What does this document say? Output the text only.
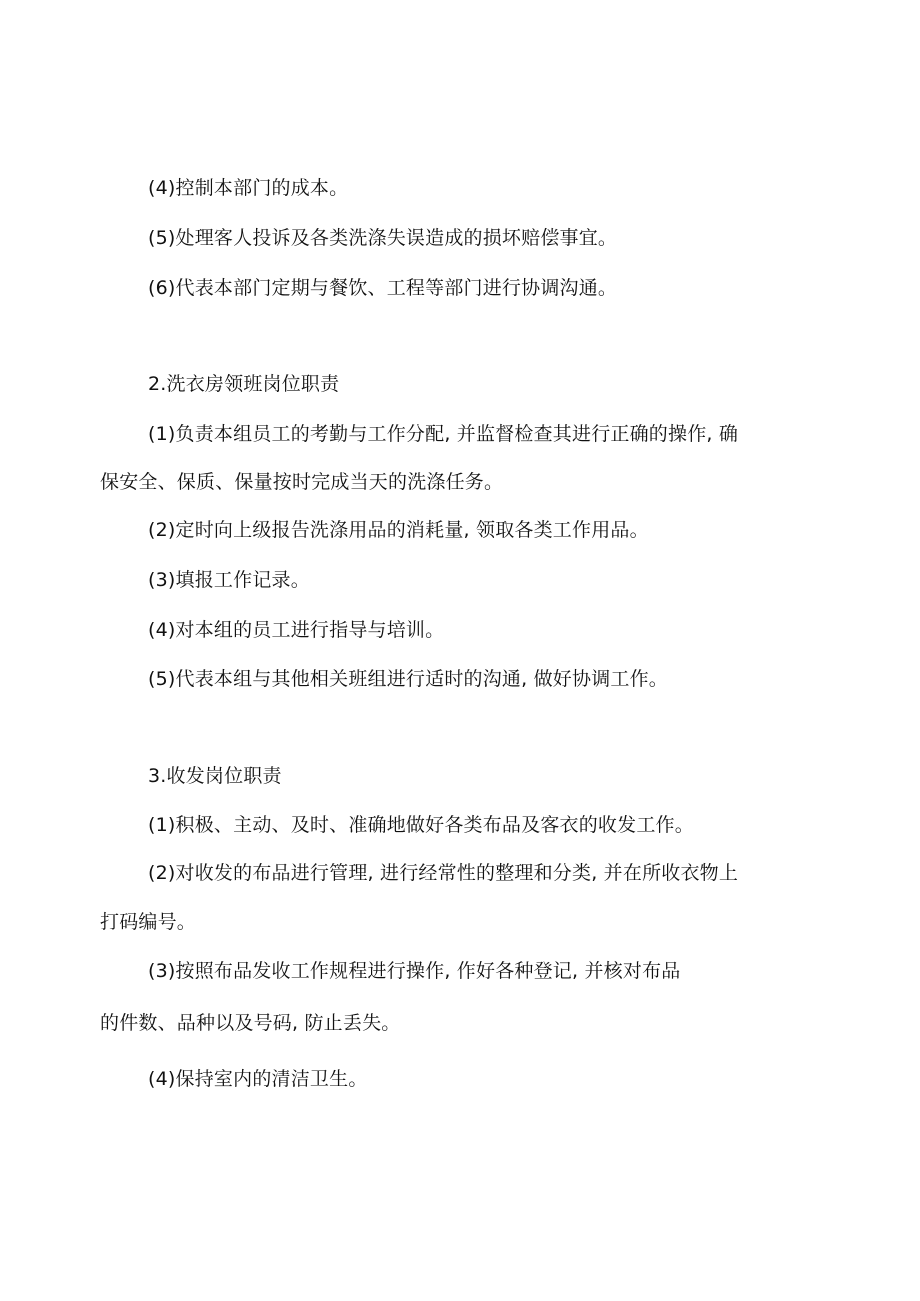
(4)控制本部门的成本。
(5)处理客人投诉及各类洗涤失误造成的损坏赔偿事宜。
(6)代表本部门定期与餐饮、工程等部门进行协调沟通。
2.洗衣房领班岗位职责
(1)负责本组员工的考勤与工作分配, 并监督检查其进行正确的操作, 确
保安全、保质、保量按时完成当天的洗涤任务。
(2)定时向上级报告洗涤用品的消耗量, 领取各类工作用品。
(3)填报工作记录。
(4)对本组的员工进行指导与培训。
(5)代表本组与其他相关班组进行适时的沟通, 做好协调工作。
3.收发岗位职责
(1)积极、主动、及时、准确地做好各类布品及客衣的收发工作。
(2)对收发的布品进行管理, 进行经常性的整理和分类, 并在所收衣物上
打码编号。
(3)按照布品发收工作规程进行操作, 作好各种登记, 并核对布品
的件数、品种以及号码, 防止丢失。
(4)保持室内的清洁卫生。
